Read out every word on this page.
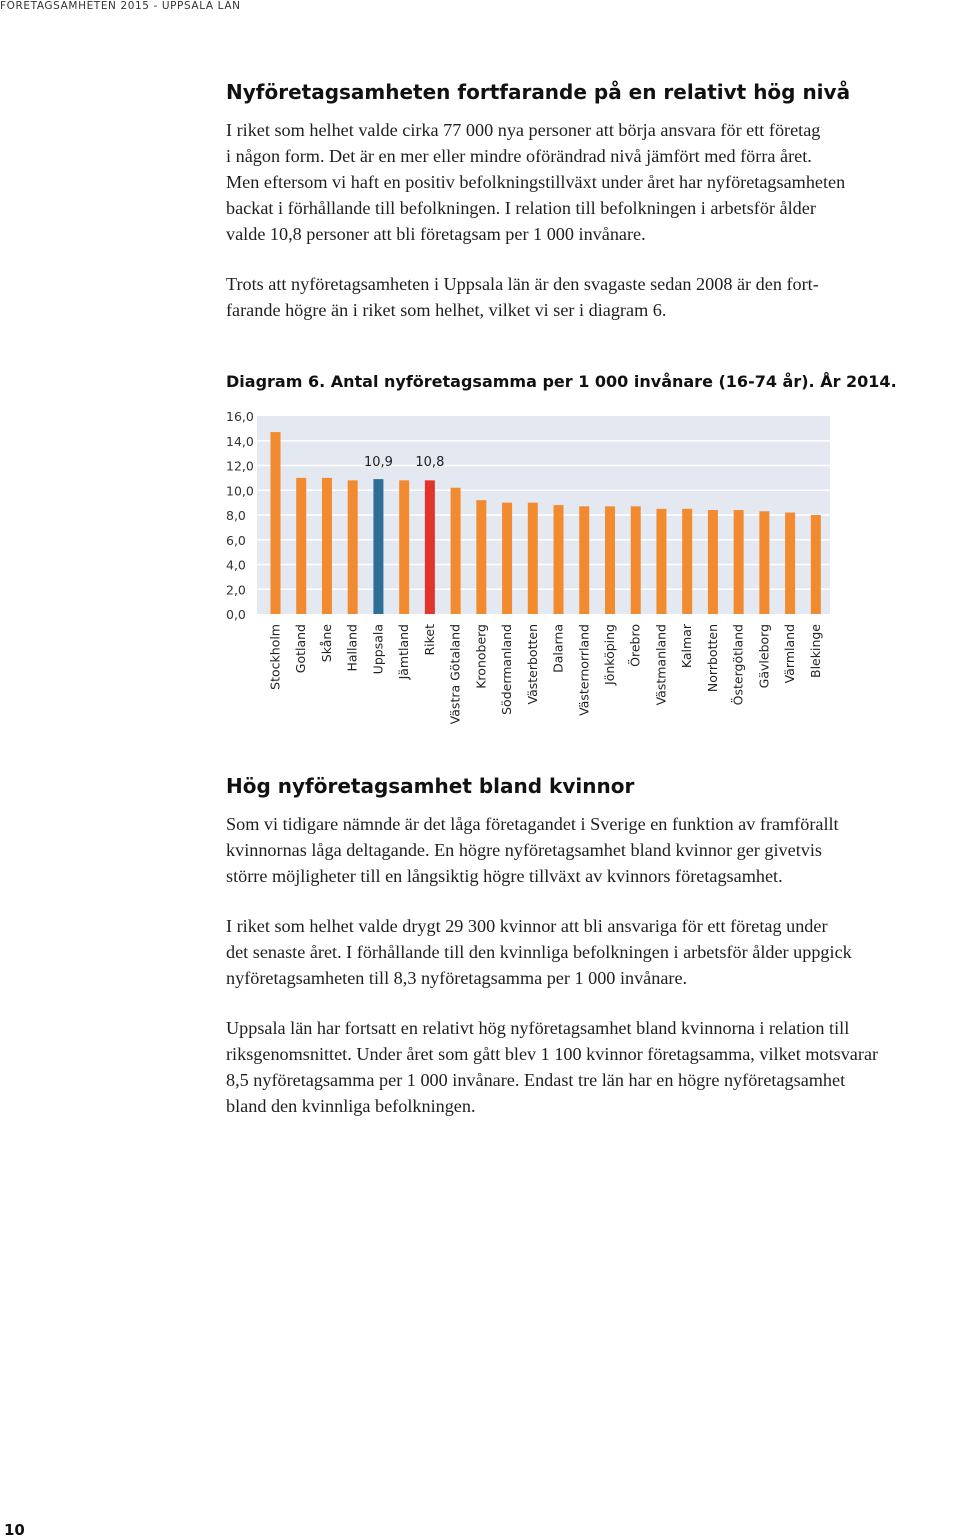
FÖRETAGSAMHETEN 2015 - UPPSALA LÄN
Nyföretagsamheten fortfarande på en relativt hög nivå

I riket som helhet valde cirka 77 000 nya personer att börja ansvara för ett företag
i någon form. Det är en mer eller mindre oförändrad nivå jämfört med förra året.
Men eftersom vi haft en positiv befolkningstillväxt under året har nyföretagsamheten
backat i förhållande till befolkningen. I relation till befolkningen i arbetsför ålder
valde 10,8 personer att bli företagsam per 1 000 invånare.

Trots att nyföretagsamheten i Uppsala län är den svagaste sedan 2008 är den fort-
farande högre än i riket som helhet, vilket vi ser i diagram 6.

Diagram 6. Antal nyföretagsamma per 1 000 invånare (16-74 år). År 2014.
0,0
2,0
4,0
6,0
8,0
10,0
12,0
14,0
16,0
Stockholm Gotland Skåne Halland Uppsala
10,9
Jämtland Riket
10,8
Västra Götaland Kronoberg Södermanland Västerbotten Dalarna Västernorrland Jönköping Örebro Västmanland Kalmar Norrbotten Östergötland Gävleborg Värmland Blekinge
Hög nyföretagsamhet bland kvinnor

Som vi tidigare nämnde är det låga företagandet i Sverige en funktion av framförallt
kvinnornas låga deltagande. En högre nyföretagsamhet bland kvinnor ger givetvis
större möjligheter till en långsiktig högre tillväxt av kvinnors företagsamhet.

I riket som helhet valde drygt 29 300 kvinnor att bli ansvariga för ett företag under
det senaste året. I förhållande till den kvinnliga befolkningen i arbetsför ålder uppgick
nyföretagsamheten till 8,3 nyföretagsamma per 1 000 invånare.

Uppsala län har fortsatt en relativt hög nyföretagsamhet bland kvinnorna i relation till
riksgenomsnittet. Under året som gått blev 1 100 kvinnor företagsamma, vilket motsvarar
8,5 nyföretagsamma per 1 000 invånare. Endast tre län har en högre nyföretagsamhet
bland den kvinnliga befolkningen.

10
